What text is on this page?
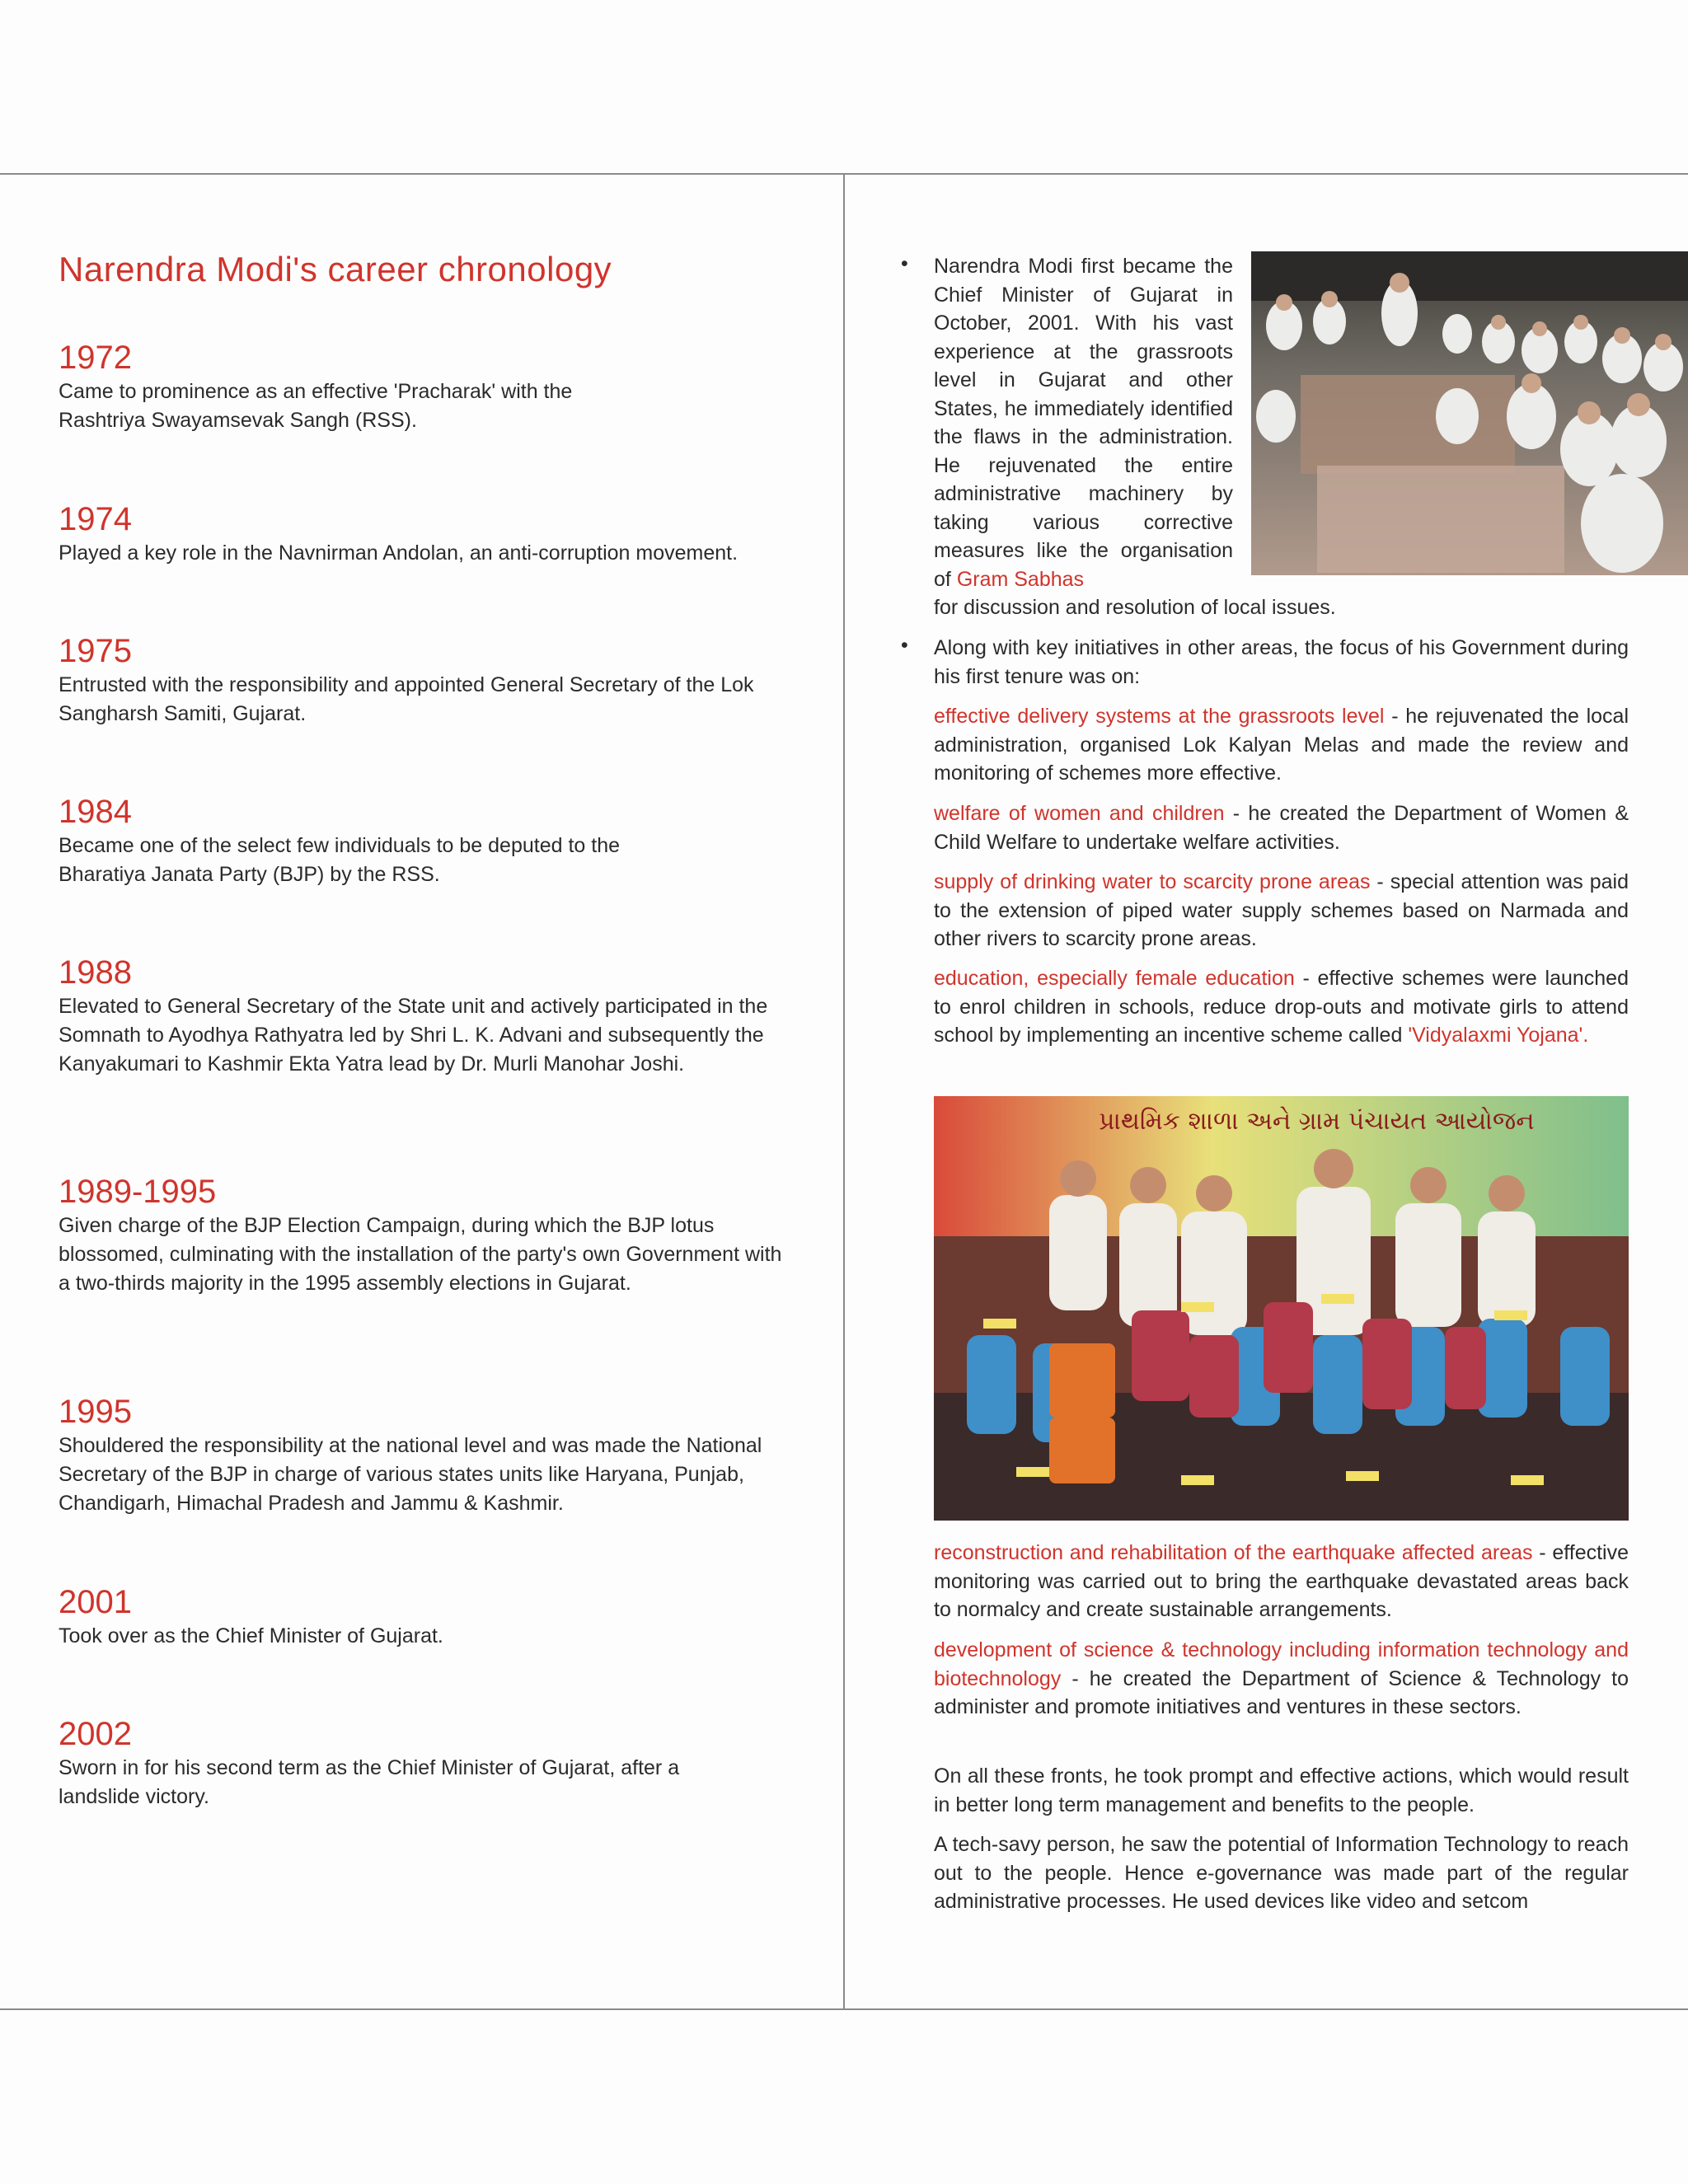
Narendra Modi's career chronology
1972
Came to prominence as an effective 'Pracharak' with the Rashtriya Swayamsevak Sangh (RSS).
1974
Played a key role in the Navnirman Andolan, an anti-corruption movement.
1975
Entrusted with the responsibility and appointed General Secretary of the Lok Sangharsh Samiti, Gujarat.
1984
Became one of the select few individuals to be deputed to the Bharatiya Janata Party (BJP) by the RSS.
1988
Elevated to General Secretary of the State unit and actively participated in the Somnath to Ayodhya Rathyatra led by Shri L. K. Advani and subsequently the Kanyakumari to Kashmir Ekta Yatra lead by Dr. Murli Manohar Joshi.
1989-1995
Given charge of the BJP Election Campaign, during which the BJP lotus blossomed, culminating with the installation of the party's own Government with a two-thirds majority in the 1995 assembly elections in Gujarat.
1995
Shouldered the responsibility at the national level and was made the National Secretary of the BJP in charge of various states units like Haryana, Punjab, Chandigarh, Himachal Pradesh and Jammu & Kashmir.
2001
Took over as the Chief Minister of Gujarat.
2002
Sworn in for his second term as the Chief Minister of Gujarat, after a landslide victory.
• Narendra Modi first became the Chief Minister of Gujarat in October, 2001. With his vast experience at the grassroots level in Gujarat and other States, he immediately identified the flaws in the administration. He rejuvenated the entire administrative machinery by taking various corrective measures like the organisation of Gram Sabhas
for discussion and resolution of local issues.
• Along with key initiatives in other areas, the focus of his Government during his first tenure was on:
effective delivery systems at the grassroots level - he rejuvenated the local administration, organised Lok Kalyan Melas and made the review and monitoring of schemes more effective.
welfare of women and children - he created the Department of Women & Child Welfare to undertake welfare activities.
supply of drinking water to scarcity prone areas - special attention was paid to the extension of piped water supply schemes based on Narmada and other rivers to scarcity prone areas.
education, especially female education - effective schemes were launched to enrol children in schools, reduce drop-outs and motivate girls to attend school by implementing an incentive scheme called 'Vidyalaxmi Yojana'.
પ્રાથમિક શાળા અને ગ્રામ પંચાયત આયોજન
reconstruction and rehabilitation of the earthquake affected areas - effective monitoring was carried out to bring the earthquake devastated areas back to normalcy and create sustainable arrangements.
development of science & technology including information technology and biotechnology - he created the Department of Science & Technology to administer and promote initiatives and ventures in these sectors.
On all these fronts, he took prompt and effective actions, which would result in better long term management and benefits to the people.
A tech-savy person, he saw the potential of Information Technology to reach out to the people. Hence e-governance was made part of the regular administrative processes. He used devices like video and setcom
